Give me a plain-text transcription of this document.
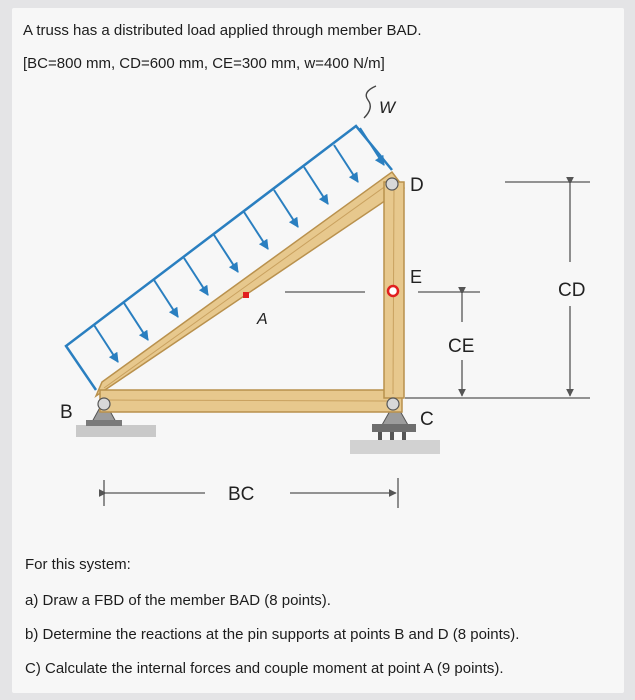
A truss has a distributed load applied through member BAD.
[BC=800 mm, CD=600 mm, CE=300 mm, w=400 N/m]
W
D
E
A
B	C
CD
CE
BC
For this system:
a) Draw a FBD of the member BAD (8 points).
b) Determine the reactions at the pin supports at points B and D (8 points).
C) Calculate the internal forces and couple moment at point A (9 points).
